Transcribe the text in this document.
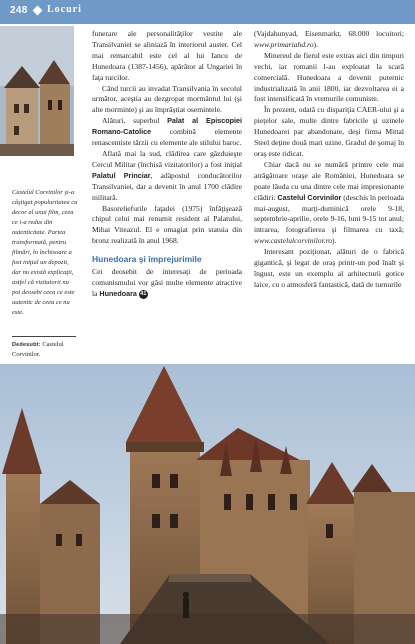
248 Locuri
Castelul Corvinilor şi-a câştigat popularitatea ca decor al unui film, ceea ce i-a redus din autenticitate. Partea transformată, pentru filmări, în închisoare a fost iniţial un depozit, dar nu există explicaţii, astfel că vizitatorii nu pot deosebi ceea ce este autentic de ceea ce nu este.
Dedesubt: Castelul Corvinilor.

funerare ale personalităţilor vestite ale Transilvaniei se aliniază în interiorul auster. Cel mai remarcabil este cel al lui Iancu de Hunedoara (1387-1456), apărător al Ungariei în faţa turcilor.

Când turcii au invadat Transilvania în secolul următor, aceştia au dezgropat mormântul lui (şi alte morminte) şi au împrăştiat osemintele.

Alături, superbul Palat al Episcopiei Romano-Catolice combină elemente renascentiste târzii cu elemente ale stilului baroc.

Aflată mai la sud, clădirea care găzduieşte Cercul Militar (închisă vizitatorilor) a fost iniţial Palatul Princiar, adăpostul conducătorilor Transilvaniei, dar a devenit în anul 1700 clădire militară.

Basoreliefurile faţadei (1975) înfăţişează chipul celui mai renumit resident al Palatului, Mihai Viteazul. El e omagiat prin statuia din bronz realizată în anul 1968.

Hunedoara şi împrejurimile

Cei deosebit de interesaţi de perioada comunismului vor găsi multe elemente atractive la Hunedoara 41

(Vajdahunyad, Eisenmarkt, 68.000 locuitori; www.primariahd.ro).

Minereul de fierul este extras aici din timpuri vechi, iar romanii l-au exploatat la scară comercială. Hunedoara a devenit puternic industrializată în anii 1800, iar dezvoltarea ei a fost intensificată în vremurile comuniste.

În prezent, odată cu dispariţia CAER-ului şi a pieţelor sale, multe dintre fabricile şi uzinele Hunedoarei par abandonate, deşi firma Mittal Steel deţine două mari uzine. Gradul de şomaj în oraş este ridicat.

Chiar dacă nu se numără printre cele mai atrăgătoare oraşe ale României, Hunedoara se poate lăuda cu una dintre cele mai impresionante clădiri: Castelul Corvinilor (deschis în perioada mai-august, marţi-duminică orele 9-18, septembrie-aprilie, orele 9-16, luni 9-15 tot anul; intrarea, fotografierea şi filmarea cu taxă; www.castelulcorvinilor.ro).

Interesant poziţionat, alături de o fabrică gigantică, şi legat de oraş printr-un pod înalt şi îngust, este un exemplu al arhitecturii gotice laice, cu o atmosferă fantastică, dată de turnurile
